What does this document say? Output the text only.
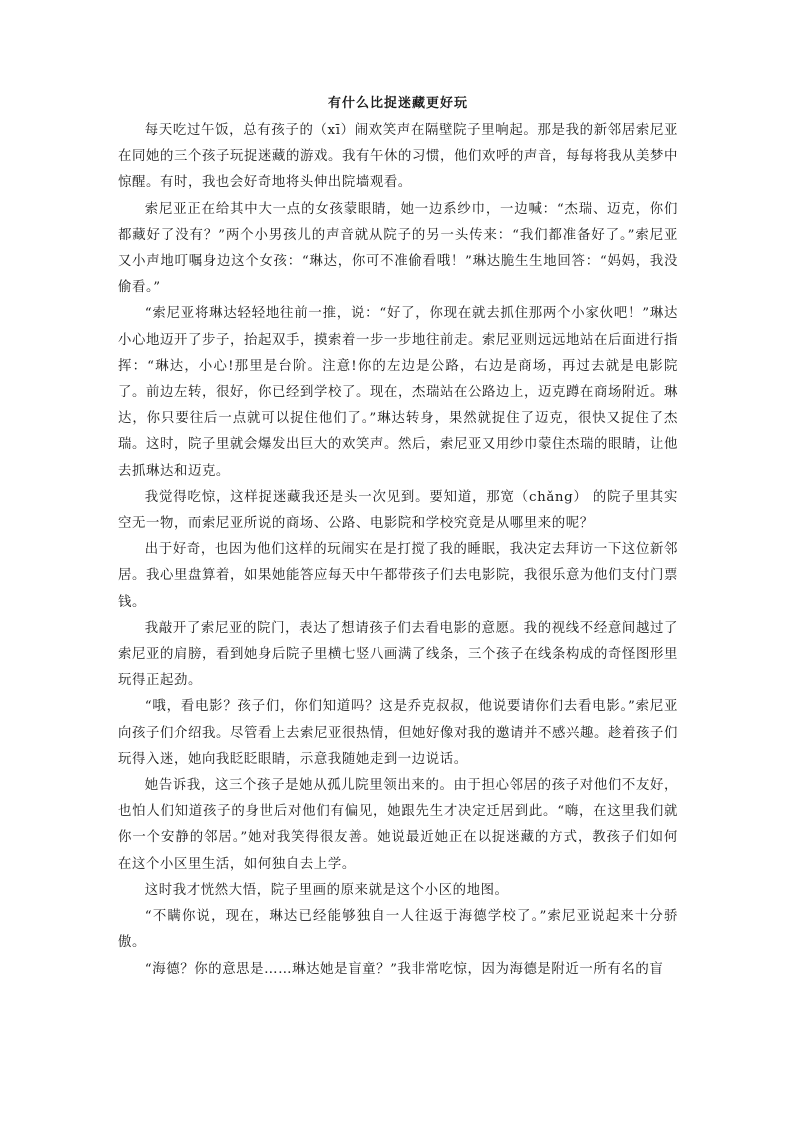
有什么比捉迷藏更好玩

每天吃过午饭，总有孩子的（xī）闹欢笑声在隔壁院子里响起。那是我的新邻居索尼亚在同她的三个孩子玩捉迷藏的游戏。我有午休的习惯，他们欢呼的声音，每每将我从美梦中惊醒。有时，我也会好奇地将头伸出院墙观看。

索尼亚正在给其中大一点的女孩蒙眼睛，她一边系纱巾，一边喊：“杰瑞、迈克，你们都藏好了没有？”两个小男孩儿的声音就从院子的另一头传来：“我们都准备好了。”索尼亚又小声地叮嘱身边这个女孩：“琳达，你可不准偷看哦！”琳达脆生生地回答：“妈妈，我没偷看。”

“索尼亚将琳达轻轻地往前一推，说：“好了，你现在就去抓住那两个小家伙吧！”琳达小心地迈开了步子，抬起双手，摸索着一步一步地往前走。索尼亚则远远地站在后面进行指挥：“琳达，小心!那里是台阶。注意!你的左边是公路，右边是商场，再过去就是电影院了。前边左转，很好，你已经到学校了。现在，杰瑞站在公路边上，迈克蹲在商场附近。琳达，你只要往后一点就可以捉住他们了。”琳达转身，果然就捉住了迈克，很快又捉住了杰瑞。这时，院子里就会爆发出巨大的欢笑声。然后，索尼亚又用纱巾蒙住杰瑞的眼睛，让他去抓琳达和迈克。

我觉得吃惊，这样捉迷藏我还是头一次见到。要知道，那宽（chǎng） 的院子里其实空无一物，而索尼亚所说的商场、公路、电影院和学校究竟是从哪里来的呢？

出于好奇，也因为他们这样的玩闹实在是打搅了我的睡眠，我决定去拜访一下这位新邻居。我心里盘算着，如果她能答应每天中午都带孩子们去电影院，我很乐意为他们支付门票钱。

我敲开了索尼亚的院门，表达了想请孩子们去看电影的意愿。我的视线不经意间越过了索尼亚的肩膀，看到她身后院子里横七竖八画满了线条，三个孩子在线条构成的奇怪图形里玩得正起劲。

“哦，看电影？孩子们，你们知道吗？这是乔克叔叔，他说要请你们去看电影。”索尼亚向孩子们介绍我。尽管看上去索尼亚很热情，但她好像对我的邀请并不感兴趣。趁着孩子们玩得入迷，她向我眨眨眼睛，示意我随她走到一边说话。

她告诉我，这三个孩子是她从孤儿院里领出来的。由于担心邻居的孩子对他们不友好，也怕人们知道孩子的身世后对他们有偏见，她跟先生才决定迁居到此。“嗨，在这里我们就你一个安静的邻居。”她对我笑得很友善。她说最近她正在以捉迷藏的方式，教孩子们如何在这个小区里生活，如何独自去上学。

这时我才恍然大悟，院子里画的原来就是这个小区的地图。

“不瞒你说，现在，琳达已经能够独自一人往返于海德学校了。”索尼亚说起来十分骄傲。

“海德？你的意思是……琳达她是盲童？”我非常吃惊，因为海德是附近一所有名的盲
